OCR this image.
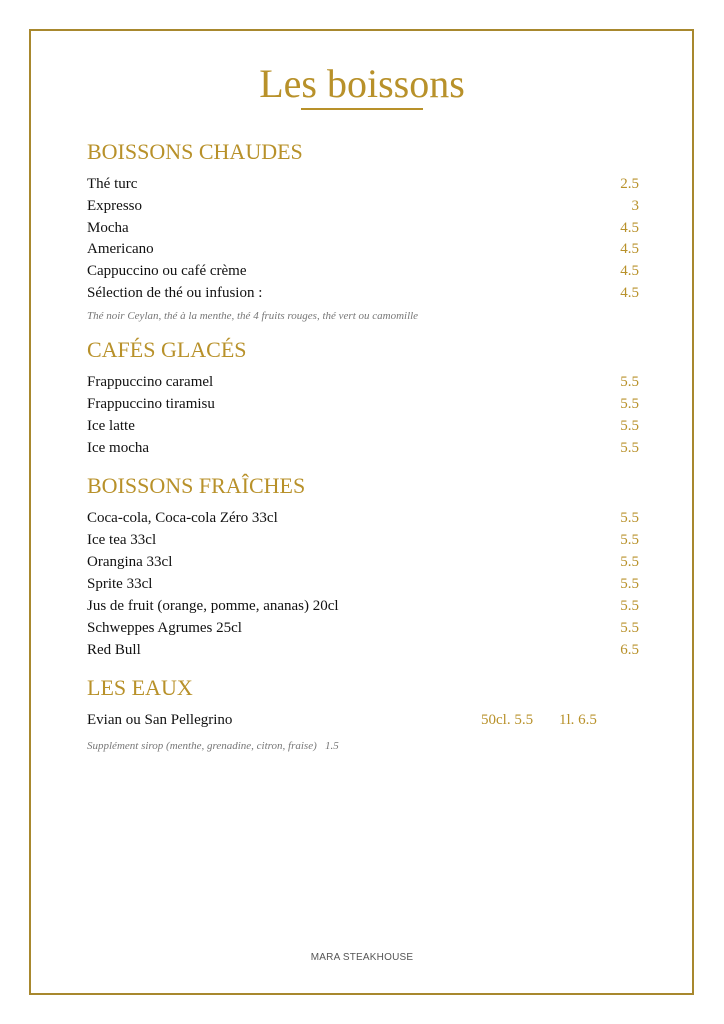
Les boissons
BOISSONS CHAUDES
Thé turc	2.5
Expresso	3
Mocha	4.5
Americano	4.5
Cappuccino ou café crème	4.5
Sélection de thé ou infusion :	4.5
Thé noir Ceylan, thé à la menthe, thé 4 fruits rouges, thé vert ou camomille
CAFÉS GLACÉS
Frappuccino caramel	5.5
Frappuccino tiramisu	5.5
Ice latte	5.5
Ice mocha	5.5
BOISSONS FRAÎCHES
Coca-cola, Coca-cola Zéro 33cl	5.5
Ice tea 33cl	5.5
Orangina 33cl	5.5
Sprite 33cl	5.5
Jus de fruit (orange, pomme, ananas) 20cl	5.5
Schweppes Agrumes 25cl	5.5
Red Bull	6.5
LES EAUX
Evian ou San Pellegrino	50cl. 5.5 1l. 6.5
Supplément sirop (menthe, grenadine, citron, fraise)   1.5
MARA STEAKHOUSE
